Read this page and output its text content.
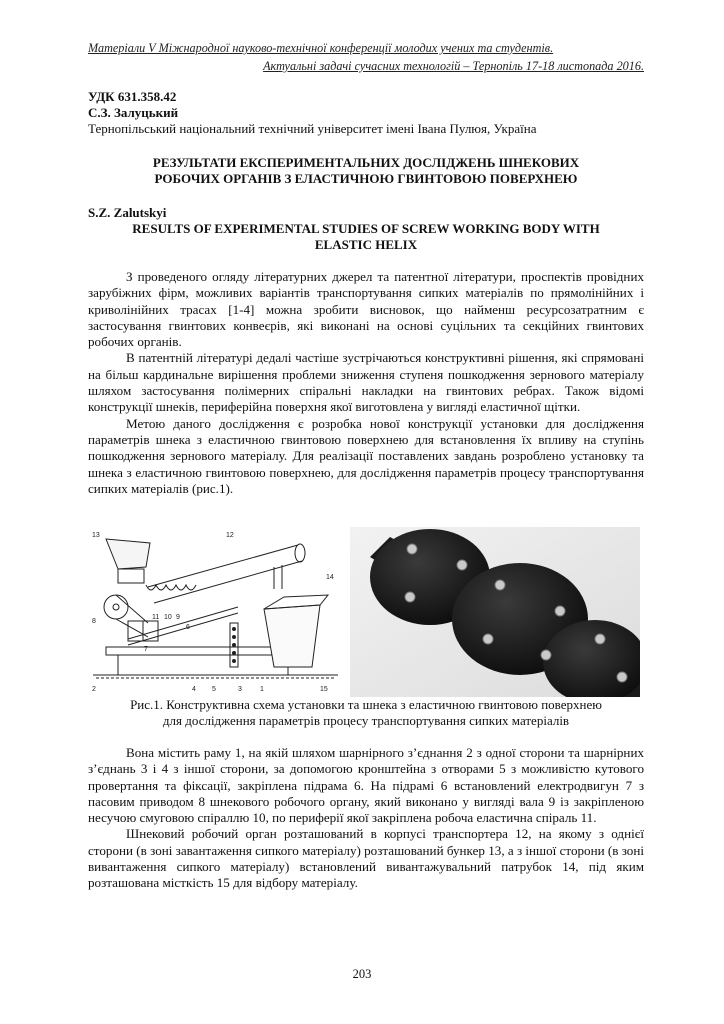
Матеріали V Міжнародної науково-технічної конференції молодих учених та студентів.
Актуальні задачі сучасних технологій – Тернопіль 17-18 листопада 2016.
УДК 631.358.42
С.З. Залуцький
Тернопільський національний технічний університет імені Івана Пулюя, Україна
РЕЗУЛЬТАТИ ЕКСПЕРИМЕНТАЛЬНИХ ДОСЛІДЖЕНЬ ШНЕКОВИХ
РОБОЧИХ ОРГАНІВ З ЕЛАСТИЧНОЮ ГВИНТОВОЮ ПОВЕРХНЕЮ
S.Z. Zalutskyi
RESULTS OF EXPERIMENTAL STUDIES OF SCREW WORKING BODY WITH
ELASTIC HELIX

З проведеного огляду літературних джерел та патентної літератури, проспектів провідних зарубіжних фірм, можливих варіантів транспортування сипких матеріалів по прямолінійних і криволінійних трасах [1-4] можна зробити висновок, що найменш ресурсозатратним є застосування гвинтових конвеєрів, які виконані на основі суцільних та секційних гвинтових робочих органів.

В патентній літературі дедалі частіше зустрічаються конструктивні рішення, які спрямовані на більш кардинальне вирішення проблеми зниження ступеня пошкодження зернового матеріалу шляхом застосування полімерних спіральні накладки на гвинтових ребрах. Також відомі конструкції шнеків, периферійна поверхня якої виготовлена у вигляді еластичної щітки.

Метою даного дослідження є розробка нової конструкції установки для дослідження параметрів шнека з еластичною гвинтовою поверхнею для встановлення їх впливу на ступінь пошкодження зернового матеріалу. Для реалізації поставлених завдань розроблено установку та шнека з еластичною гвинтовою поверхнею, для дослідження параметрів процесу транспортування сипких матеріалів (рис.1).

13	12
14
8
11 10 9
6
7
2	4 5	3	1	15
Рис.1. Конструктивна схема установки та шнека з еластичною гвинтовою поверхнею
для дослідження параметрів процесу транспортування сипких матеріалів

Вона містить раму 1, на якій шляхом шарнірного з’єднання 2 з одної сторони та шарнірних з’єднань 3 і 4 з іншої сторони, за допомогою кронштейна з отворами 5 з можливістю кутового провертання та фіксації, закріплена підрама 6. На підрамі 6 встановлений електродвигун 7 з пасовим приводом 8 шнекового робочого органу, який виконано у вигляді вала 9 із закріпленою несучою смуговою спіраллю 10, по периферії якої закріплена робоча еластична спіраль 11.

Шнековий робочий орган розташований в корпусі транспортера 12, на якому з однієї сторони (в зоні завантаження сипкого матеріалу) розташований бункер 13, а з іншої сторони (в зоні вивантаження сипкого матеріалу) встановлений вивантажувальний патрубок 14, під яким розташована місткість 15 для відбору матеріалу.

203
